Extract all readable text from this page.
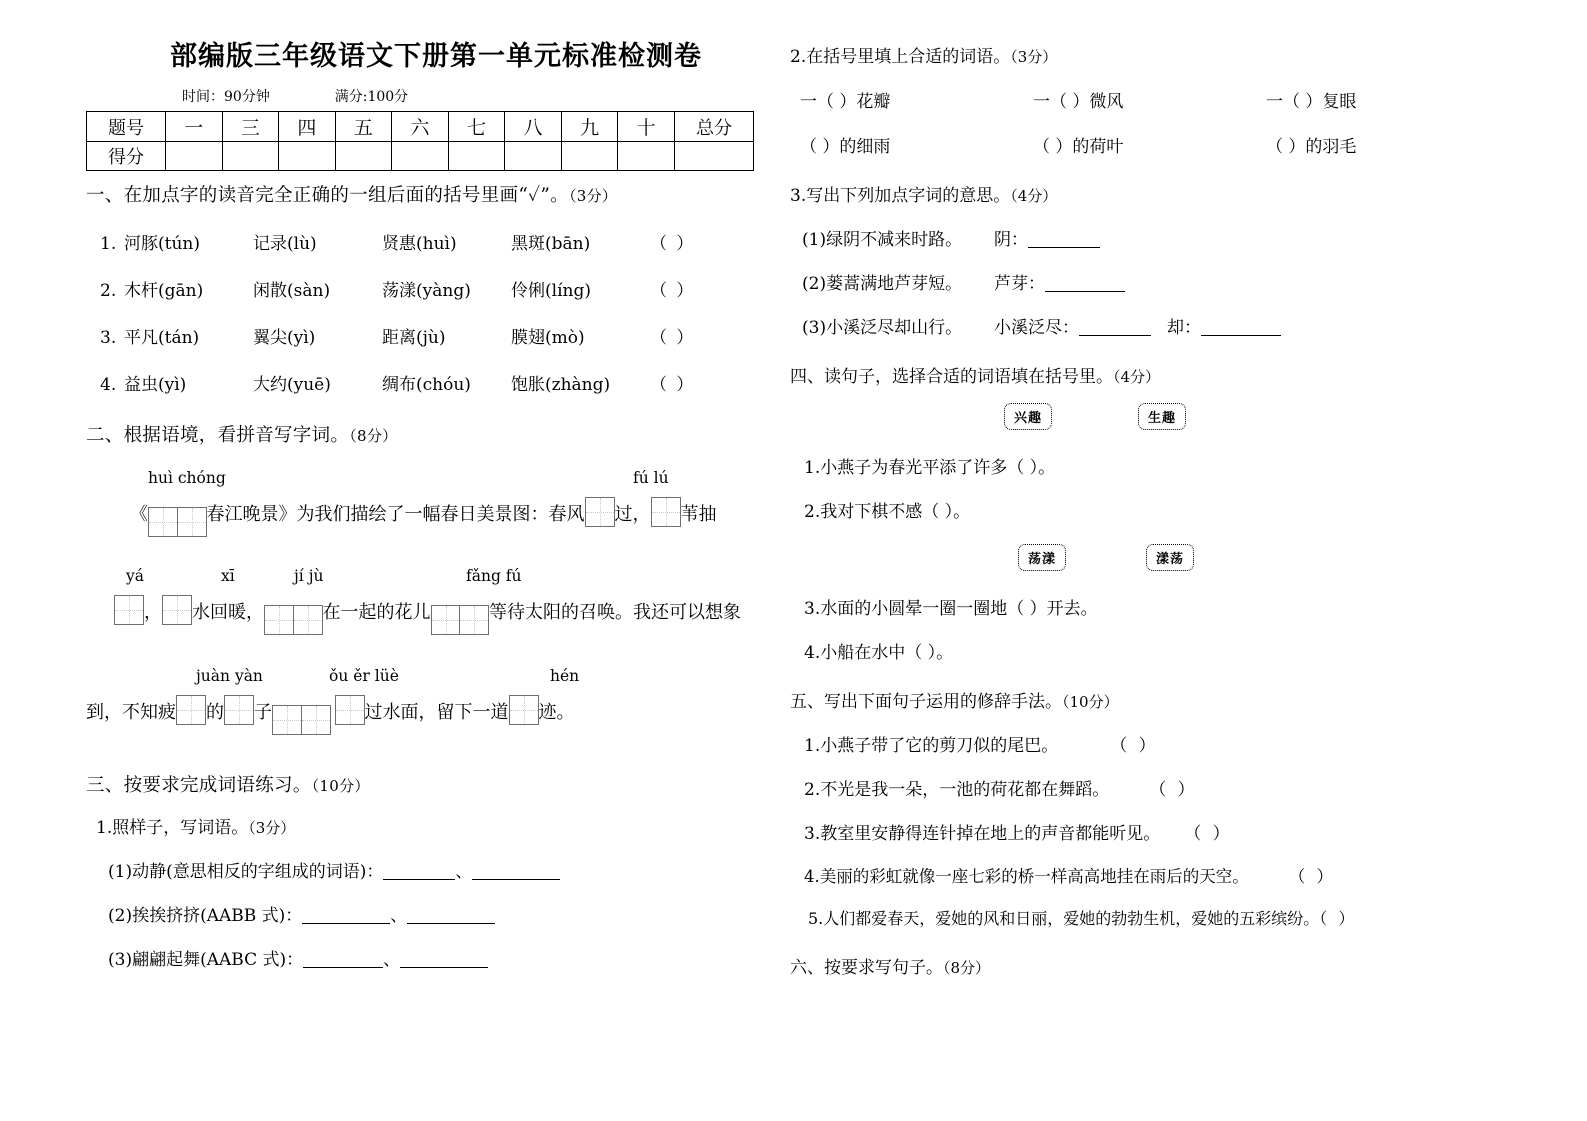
部编版三年级语文下册第一单元标准检测卷
时间：90分钟	满分:100分
题号	一	三	四	五	六	七	八	九	十	总分
得分										
一、在加点字的读音完全正确的一组后面的括号里画“✓”。（3分）
1. 河豚(tún)	记录(lù)	贤惠(huì)	黑斑(bān)	（ ）
2. 木杆(gān)	闲散(sàn)	荡漾(yàng)	伶俐(líng)	（ ）
3. 平凡(tán)	翼尖(yì)	距离(jù)	膜翅(mò)	（ ）
4. 益虫(yì)	大约(yuē)	绸布(chóu)	饱胀(zhàng)	（ ）
二、根据语境，看拼音写字词。（8分）
huì chóng	fú lú
《	春江晚景》为我们描绘了一幅春日美景图：春风 过， 苇抽
yá	xī	jí jù	fǎng fú
， 水回暖，	在一起的花儿	等待太阳的召唤。我还可以想象
juàn yàn	ǒu ěr lüè	hén
到，不知疲 的 子	过水面，留下一道 迹。
三、按要求完成词语练习。（10分）
1.照样子，写词语。（3分）
(1)动静(意思相反的字组成的词语)：	、
(2)挨挨挤挤(AABB 式)：	、
(3)翩翩起舞(AABC 式)：	、
2.在括号里填上合适的词语。（3分）
一（ ）花瓣	一（ ）微风	一（ ）复眼
（ ）的细雨	（ ）的荷叶	（ ）的羽毛
3.写出下列加点字词的意思。（4分）
(1)绿阴不减来时路。	阴：
(2)蒌蒿满地芦芽短。	芦芽：
(3)小溪泛尽却山行。	小溪泛尽：	却：
四、读句子，选择合适的词语填在括号里。（4分）
兴趣	生趣
1.小燕子为春光平添了许多（ ）。
2.我对下棋不感（ ）。
荡漾	漾荡
3.水面的小圆晕一圈一圈地（ ）开去。
4.小船在水中（ ）。
五、写出下面句子运用的修辞手法。（10分）
1.小燕子带了它的剪刀似的尾巴。	（ ）
2.不光是我一朵，一池的荷花都在舞蹈。 （ ）
3.教室里安静得连针掉在地上的声音都能听见。 （ ）
4.美丽的彩虹就像一座七彩的桥一样高高地挂在雨后的天空。 （ ）
5.人们都爱春天，爱她的风和日丽，爱她的勃勃生机，爱她的五彩缤纷。（ ）
六、按要求写句子。（8分）
